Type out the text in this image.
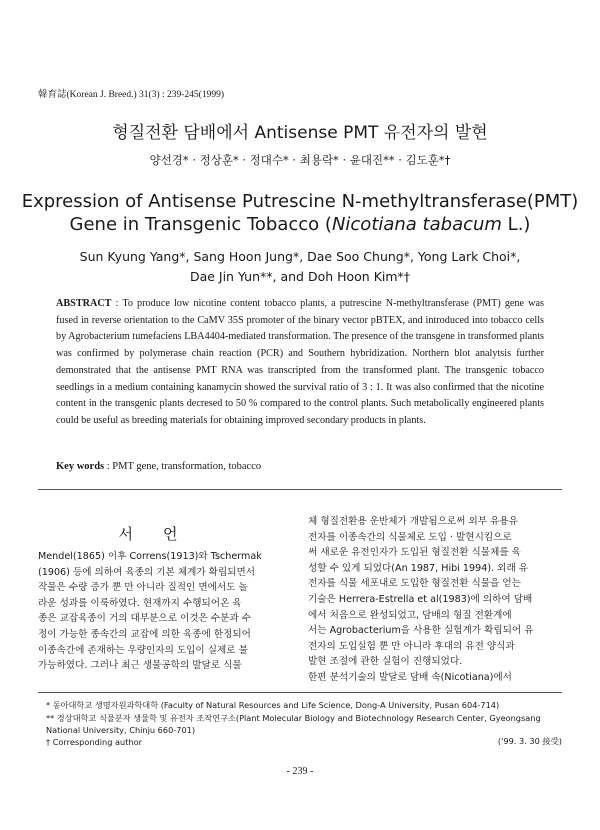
韓育誌(Korean J. Breed.) 31(3) : 239-245(1999)
형질전환 담배에서 Antisense PMT 유전자의 발현
양선경* · 정상훈* · 정대수* · 최용락* · 윤대진** · 김도훈*†
Expression of Antisense Putrescine N-methyltransferase(PMT)
Gene in Transgenic Tobacco (Nicotiana tabacum L.)
Sun Kyung Yang*, Sang Hoon Jung*, Dae Soo Chung*, Yong Lark Choi*,
Dae Jin Yun**, and Doh Hoon Kim*†
ABSTRACT : To produce low nicotine content tobacco plants, a putrescine N-methyltransferase (PMT) gene was fused in reverse orientation to the CaMV 35S promoter of the binary vector pBTEX, and introduced into tobacco cells by Agrobacterium tumefaciens LBA4404-mediated transformation. The presence of the transgene in transformed plants was confirmed by polymerase chain reaction (PCR) and Southern hybridization. Northern blot analytsis further demonstrated that the antisense PMT RNA was transcripted from the transformed plant. The transgenic tobacco seedlings in a medium containing kanamycin showed the survival ratio of 3 : 1. It was also confirmed that the nicotine content in the transgenic plants decresed to 50 % compared to the control plants. Such metabolically engineered plants could be useful as breeding materials for obtaining improved secondary products in plants.
Key words : PMT gene, transformation, tobacco
서언
Mendel(1865) 이후 Correns(1913)와 Tschermak
(1906) 등에 의하여 육종의 기본 체계가 확립되면서
작물은 수량 증가 뿐 만 아니라 질적인 면에서도 놀
라운 성과를 이룩하였다. 현재까지 수행되어온 육
종은 교잡육종이 거의 대부분으로 이것은 수분과 수
정이 가능한 종속간의 교잡에 의한 육종에 한정되어
이종속간에 존재하는 우량인자의 도입이 실제로 불
가능하였다. 그러나 최근 생물공학의 발달로 식물
체 형질전환용 운반체가 개발됨으로써 외부 유용유
전자를 이종속간의 식물체로 도입 · 발현시킴으로
써 새로운 유전인자가 도입된 형질전환 식물체를 육
성할 수 있게 되었다(An 1987, Hibi 1994). 외래 유
전자를 식물 세포내로 도입한 형질전환 식물을 얻는
기술은 Herrera-Estrella et al(1983)에 의하여 담배
에서 처음으로 완성되었고, 담배의 형질 전환계에
서는 Agrobacterium을 사용한 실험계가 확립되어 유
전자의 도입실험 뿐 만 아니라 후대의 유전 양식과
발현 조절에 관한 실험이 진행되었다.
한편 분석기술의 발달로 담배 속(Nicotiana)에서
* 동아대학교 생명자원과학대학 (Faculty of Natural Resources and Life Science, Dong-A University, Pusan 604-714)
** 경상대학교 식물분자 생물학 및 유전자 조작연구소(Plant Molecular Biology and Biotechnology Research Center, Gyeongsang National University, Chinju 660-701)
† Corresponding author	('99. 3. 30 接受)
- 239 -
